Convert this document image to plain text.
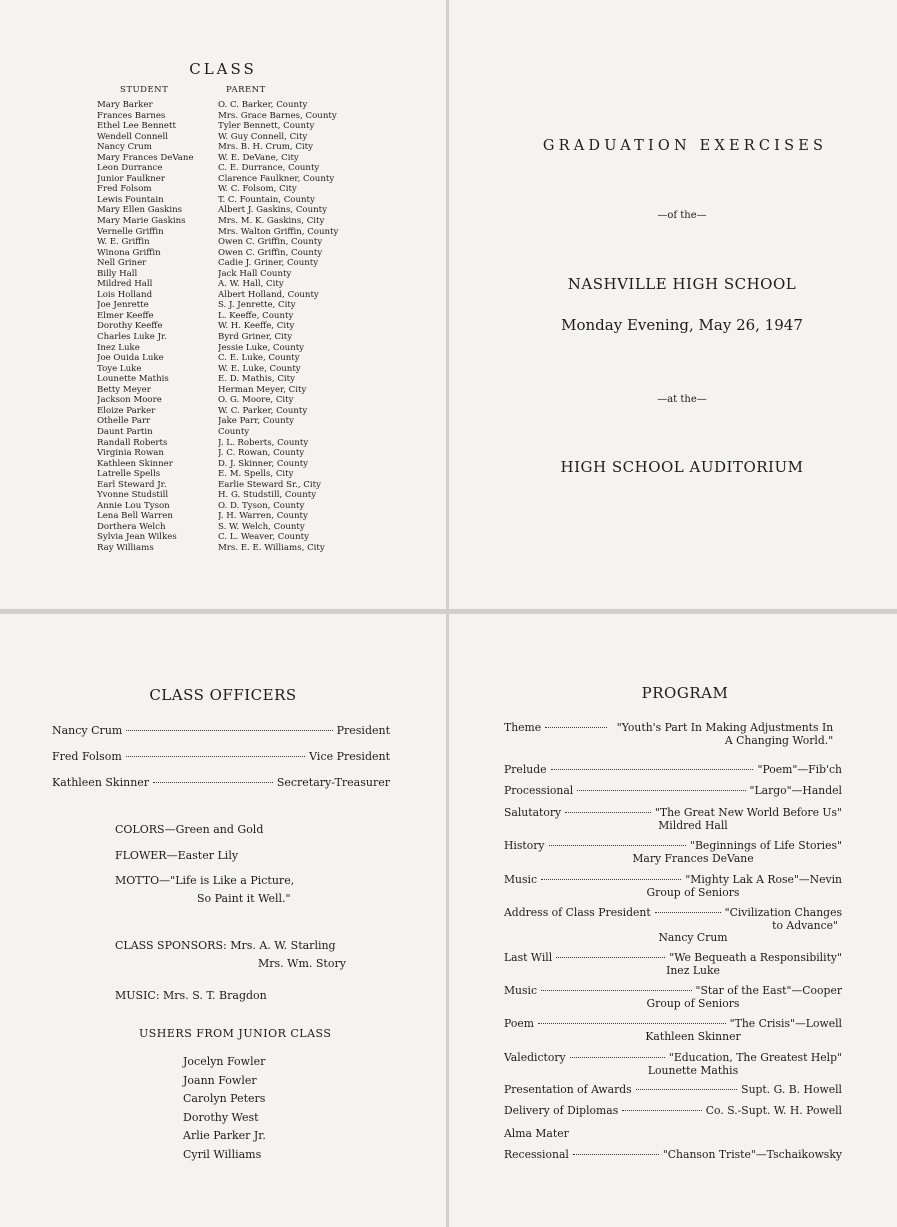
CLASS
STUDENT	PARENT
Mary Barker	O. C. Barker, County
Frances Barnes	Mrs. Grace Barnes, County
Ethel Lee Bennett	Tyler Bennett, County
Wendell Connell	W. Guy Connell, City
Nancy Crum	Mrs. B. H. Crum, City
Mary Frances DeVane	W. E. DeVane, City
Leon Durrance	C. E. Durrance, County
Junior Faulkner	Clarence Faulkner, County
Fred Folsom	W. C. Folsom, City
Lewis Fountain	T. C. Fountain, County
Mary Ellen Gaskins	Albert J. Gaskins, County
Mary Marie Gaskins	Mrs. M. K. Gaskins, City
Vernelle Griffin	Mrs. Walton Griffin, County
W. E. Griffin	Owen C. Griffin, County
Winona Griffin	Owen C. Griffin, County
Nell Griner	Cadie J. Griner, County
Billy Hall	Jack Hall County
Mildred Hall	A. W. Hall, City
Lois Holland	Albert Holland, County
Joe Jenrette	S. J. Jenrette, City
Elmer Keeffe	L. Keeffe, County
Dorothy Keeffe	W. H. Keeffe, City
Charles Luke Jr.	Byrd Griner, City
Inez Luke	Jessie Luke, County
Joe Ouida Luke	C. E. Luke, County
Toye Luke	W. E. Luke, County
Lounette Mathis	E. D. Mathis, City
Betty Meyer	Herman Meyer, City
Jackson Moore	O. G. Moore, City
Eloize Parker	W. C. Parker, County
Othelle Parr	Jake Parr, County
Daunt Partin	County
Randall Roberts	J. L. Roberts, County
Virginia Rowan	J. C. Rowan, County
Kathleen Skinner	D. J. Skinner, County
Latrelle Spells	E. M. Spells, City
Earl Steward Jr.	Earlie Steward Sr., City
Yvonne Studstill	H. G. Studstill, County
Annie Lou Tyson	O. D. Tyson, County
Lena Bell Warren	J. H. Warren, County
Dorthera Welch	S. W. Welch, County
Sylvia Jean Wilkes	C. L. Weaver, County
Ray Williams	Mrs. E. E. Williams, City
GRADUATION EXERCISES
—of the—
NASHVILLE HIGH SCHOOL
Monday Evening, May 26, 1947
—at the—
HIGH SCHOOL AUDITORIUM
CLASS OFFICERS
Nancy Crum	President
Fred Folsom	Vice President
Kathleen Skinner	Secretary-Treasurer
COLORS—Green and Gold
FLOWER—Easter Lily
MOTTO—"Life is Like a Picture,
So Paint it Well."
CLASS SPONSORS: Mrs. A. W. Starling
Mrs. Wm. Story
MUSIC: Mrs. S. T. Bragdon
USHERS FROM JUNIOR CLASS
Jocelyn Fowler
Joann Fowler
Carolyn Peters
Dorothy West
Arlie Parker Jr.
Cyril Williams
PROGRAM
Theme	"Youth's Part In Making Adjustments In A Changing World."
Prelude	"Poem"—Fib'ch
Processional	"Largo"—Handel
Salutatory	"The Great New World Before Us"
Mildred Hall
History	"Beginnings of Life Stories"
Mary Frances DeVane
Music	"Mighty Lak A Rose"—Nevin
Group of Seniors
Address of Class President	"Civilization Changes
to Advance"
Nancy Crum
Last Will	"We Bequeath a Responsibility"
Inez Luke
Music	"Star of the East"—Cooper
Group of Seniors
Poem	"The Crisis"—Lowell
Kathleen Skinner
Valedictory	"Education, The Greatest Help"
Lounette Mathis
Presentation of Awards	Supt. G. B. Howell
Delivery of Diplomas	Co. S.-Supt. W. H. Powell
Alma Mater
Recessional	"Chanson Triste"—Tschaikowsky
